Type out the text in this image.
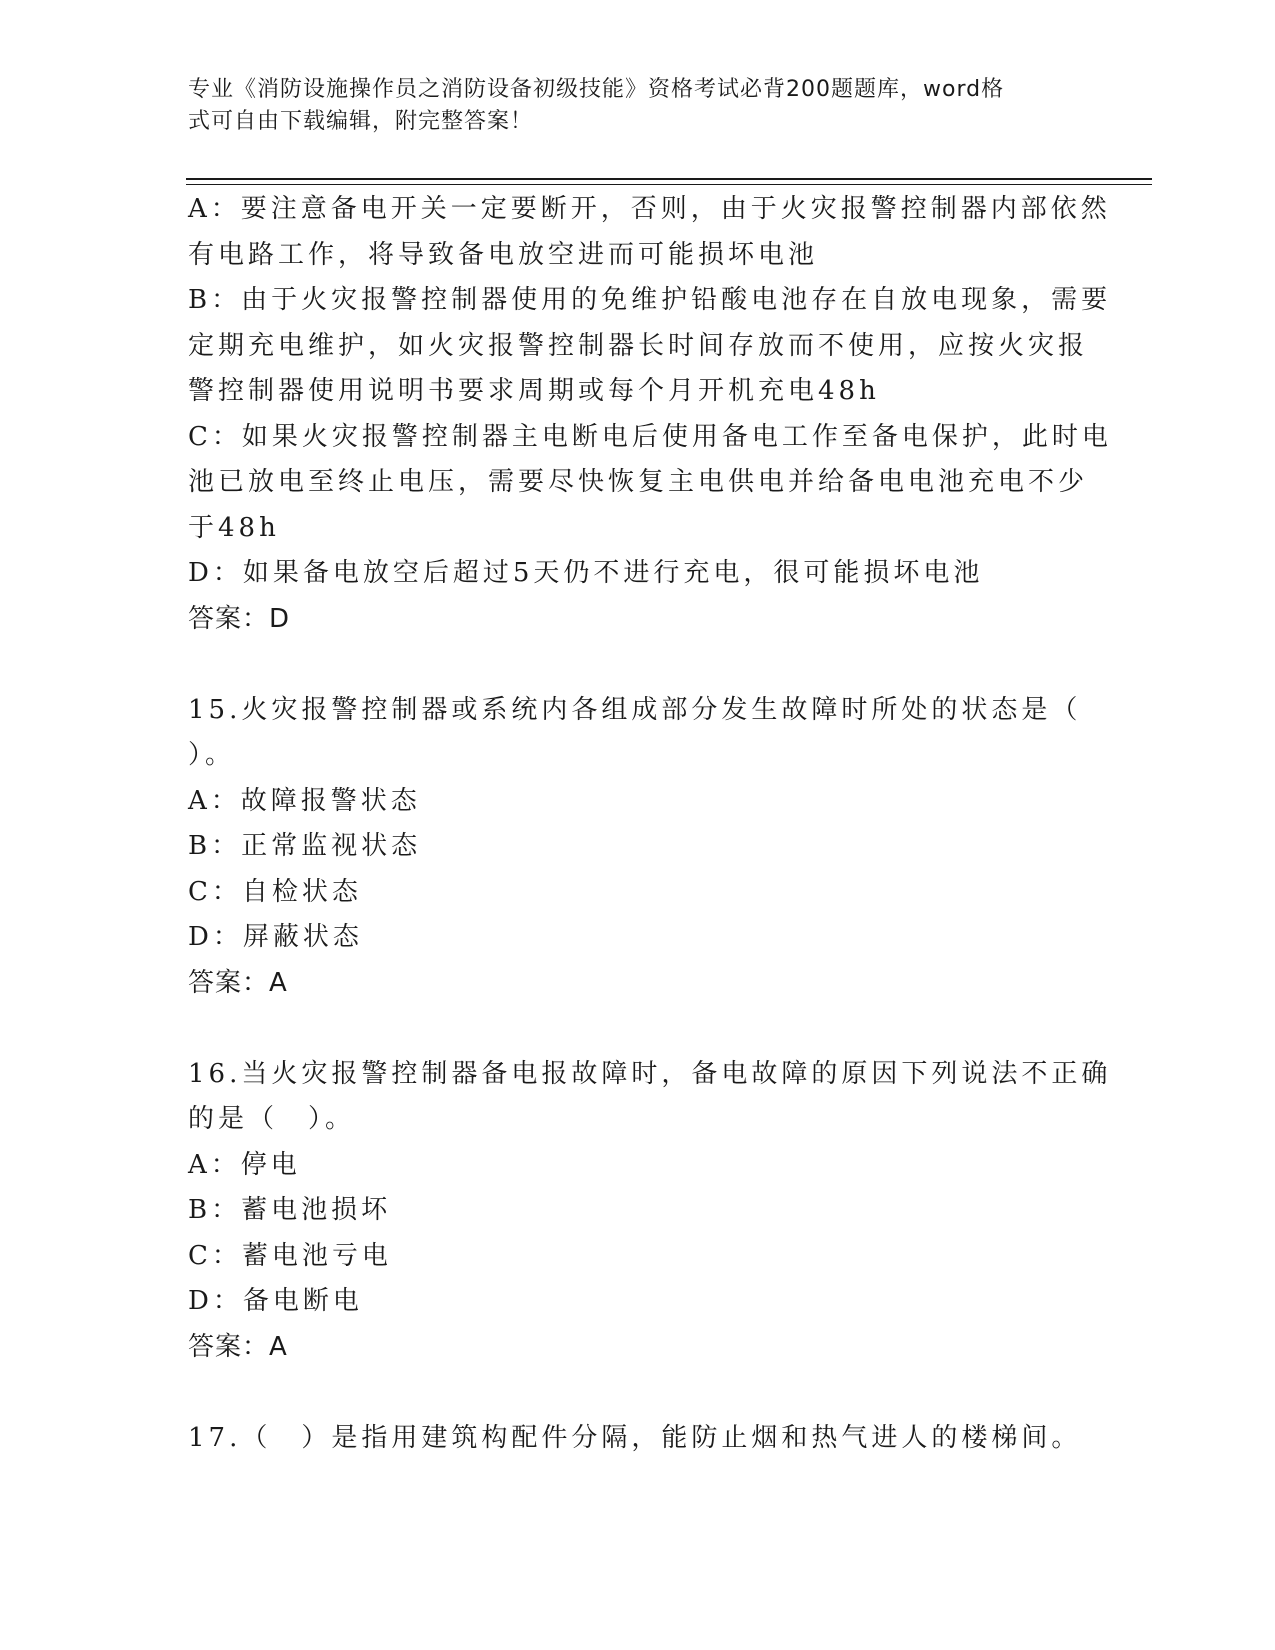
专业《消防设施操作员之消防设备初级技能》资格考试必背200题题库，word格
式可自由下载编辑，附完整答案！
A：要注意备电开关一定要断开，否则，由于火灾报警控制器内部依然
有电路工作，将导致备电放空进而可能损坏电池
B：由于火灾报警控制器使用的免维护铅酸电池存在自放电现象，需要
定期充电维护，如火灾报警控制器长时间存放而不使用，应按火灾报
警控制器使用说明书要求周期或每个月开机充电48h
C：如果火灾报警控制器主电断电后使用备电工作至备电保护，此时电
池已放电至终止电压，需要尽快恢复主电供电并给备电电池充电不少
于48h
D：如果备电放空后超过5天仍不进行充电，很可能损坏电池
答案：D
15.火灾报警控制器或系统内各组成部分发生故障时所处的状态是（
）。
A：故障报警状态
B：正常监视状态
C：自检状态
D：屏蔽状态
答案：A
16.当火灾报警控制器备电报故障时，备电故障的原因下列说法不正确
的是（　）。
A：停电
B：蓄电池损坏
C：蓄电池亏电
D：备电断电
答案：A
17.（　）是指用建筑构配件分隔，能防止烟和热气进人的楼梯间。
